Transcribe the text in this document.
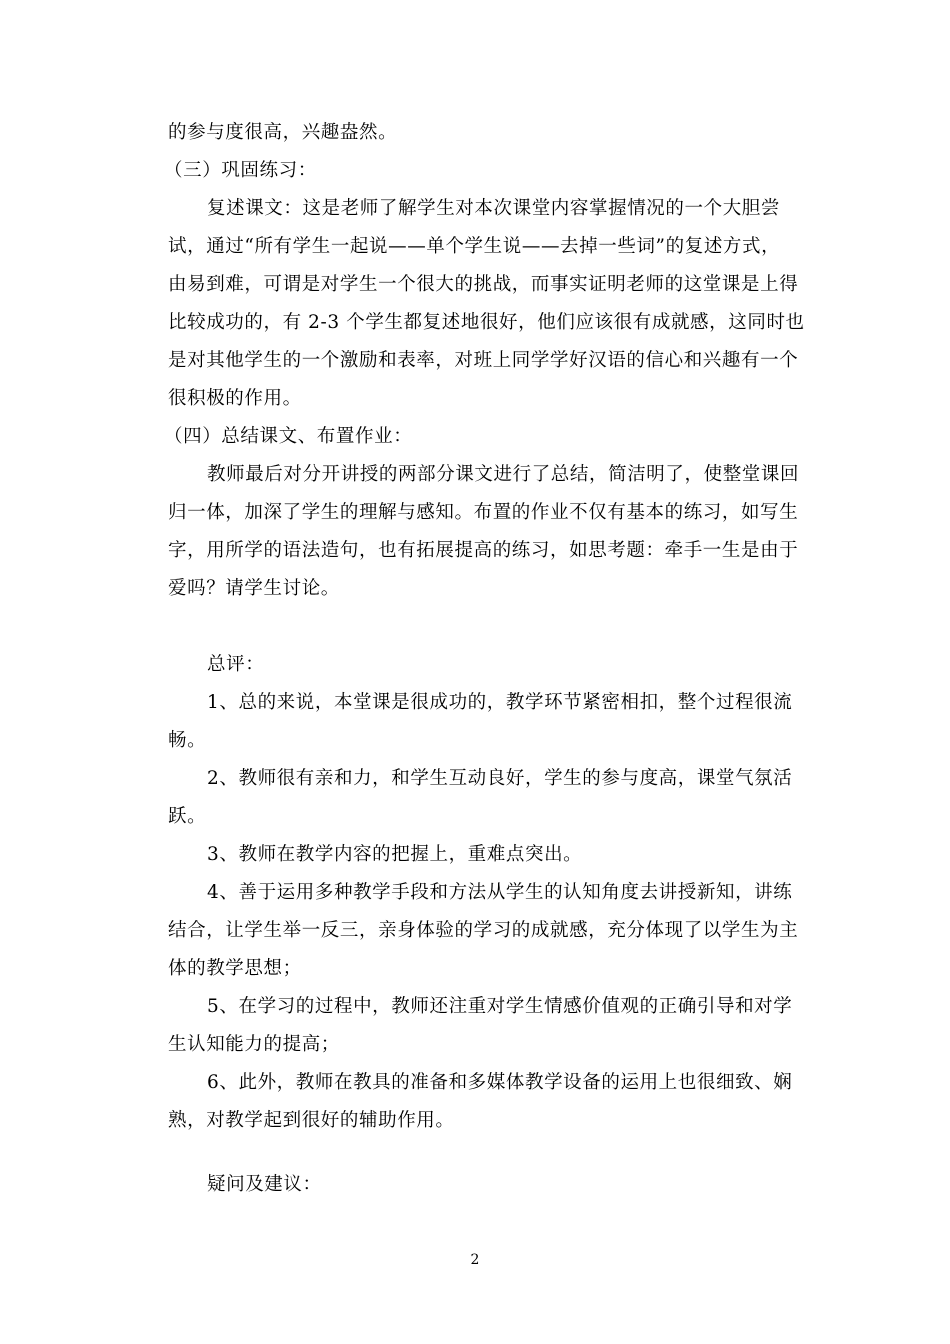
的参与度很高，兴趣盎然。
（三）巩固练习：
复述课文：这是老师了解学生对本次课堂内容掌握情况的一个大胆尝
试，通过“所有学生一起说——单个学生说——去掉一些词”的复述方式，
由易到难，可谓是对学生一个很大的挑战，而事实证明老师的这堂课是上得
比较成功的，有 2-3 个学生都复述地很好，他们应该很有成就感，这同时也
是对其他学生的一个激励和表率，对班上同学学好汉语的信心和兴趣有一个
很积极的作用。
（四）总结课文、布置作业：
教师最后对分开讲授的两部分课文进行了总结，简洁明了，使整堂课回
归一体，加深了学生的理解与感知。布置的作业不仅有基本的练习，如写生
字，用所学的语法造句，也有拓展提高的练习，如思考题：牵手一生是由于
爱吗？请学生讨论。
总评：
1、总的来说，本堂课是很成功的，教学环节紧密相扣，整个过程很流
畅。
2、教师很有亲和力，和学生互动良好，学生的参与度高，课堂气氛活
跃。
3、教师在教学内容的把握上，重难点突出。
4、善于运用多种教学手段和方法从学生的认知角度去讲授新知，讲练
结合，让学生举一反三，亲身体验的学习的成就感，充分体现了以学生为主
体的教学思想；
5、在学习的过程中，教师还注重对学生情感价值观的正确引导和对学
生认知能力的提高；
6、此外，教师在教具的准备和多媒体教学设备的运用上也很细致、娴
熟，对教学起到很好的辅助作用。
疑问及建议：
2
